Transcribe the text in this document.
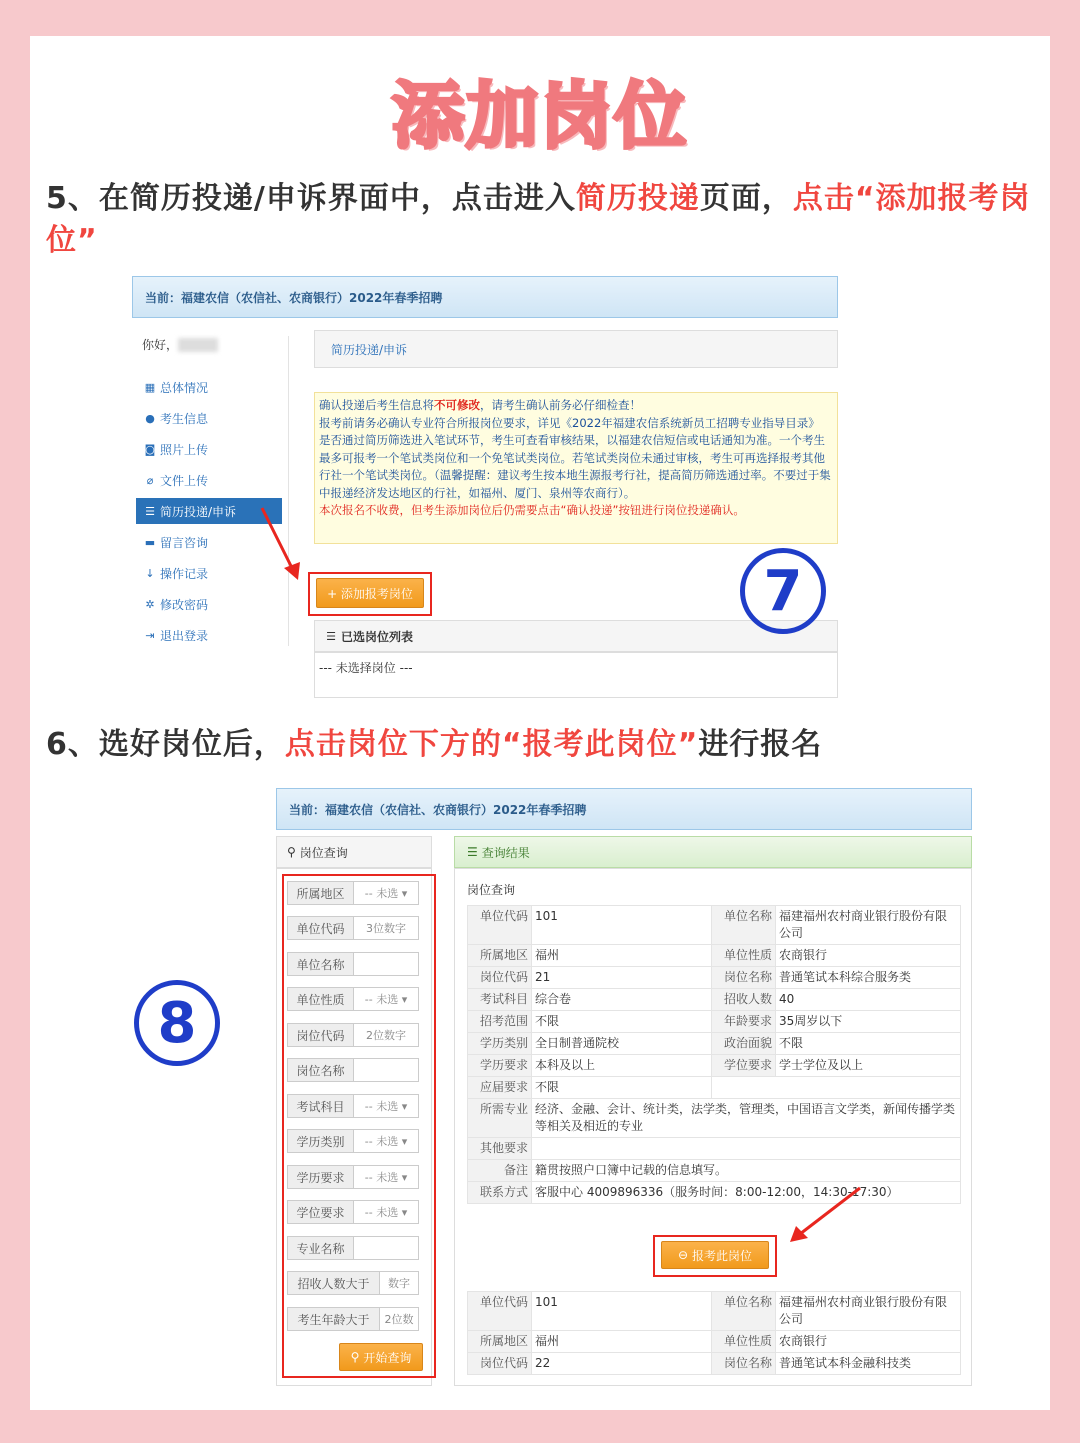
添加岗位
5、在简历投递/申诉界面中，点击进入简历投递页面，点击“添加报考岗位”
当前：福建农信（农信社、农商银行）2022年春季招聘
你好，
▦ 总体情况
● 考生信息
◙ 照片上传
⌀ 文件上传
☰ 简历投递/申诉
▬ 留言咨询
↓ 操作记录
✲ 修改密码
⇥ 退出登录
简历投递/申诉
确认投递后考生信息将不可修改，请考生确认前务必仔细检查！
报考前请务必确认专业符合所报岗位要求，详见《2022年福建农信系统新员工招聘专业指导目录》
是否通过简历筛选进入笔试环节，考生可查看审核结果，以福建农信短信或电话通知为准。一个考生最多可报考一个笔试类岗位和一个免笔试类岗位。若笔试类岗位未通过审核，考生可再选择报考其他行社一个笔试类岗位。（温馨提醒：建议考生按本地生源报考行社，提高简历筛选通过率。不要过于集中报递经济发达地区的行社，如福州、厦门、泉州等农商行）。
本次报名不收费，但考生添加岗位后仍需要点击“确认投递”按钮进行岗位投递确认。
+ 添加报考岗位
☰ 已选岗位列表
--- 未选择岗位 ---
7
6、选好岗位后，点击岗位下方的“报考此岗位”进行报名
8
当前：福建农信（农信社、农商银行）2022年春季招聘
⚲ 岗位查询
所属地区	-- 未选 ▾
单位代码	3位数字
单位名称
单位性质	-- 未选 ▾
岗位代码	2位数字
岗位名称
考试科目	-- 未选 ▾
学历类别	-- 未选 ▾
学历要求	-- 未选 ▾
学位要求	-- 未选 ▾
专业名称
招收人数大于	数字
考生年龄大于	2位数
⚲ 开始查询
☰ 查询结果
岗位查询
单位代码	101	单位名称	福建福州农村商业银行股份有限公司
所属地区	福州	单位性质	农商银行
岗位代码	21	岗位名称	普通笔试本科综合服务类
考试科目	综合卷	招收人数	40
招考范围	不限	年龄要求	35周岁以下
学历类别	全日制普通院校	政治面貌	不限
学历要求	本科及以上	学位要求	学士学位及以上
应届要求	不限		
所需专业	经济、金融、会计、统计类，法学类，管理类，中国语言文学类，新闻传播学类等相关及相近的专业		
其他要求			
备注	籍贯按照户口簿中记载的信息填写。		
联系方式	客服中心 4009896336（服务时间：8:00-12:00，14:30-17:30）		
⊖ 报考此岗位
单位代码	101	单位名称	福建福州农村商业银行股份有限公司
所属地区	福州	单位性质	农商银行
岗位代码	22	岗位名称	普通笔试本科金融科技类
